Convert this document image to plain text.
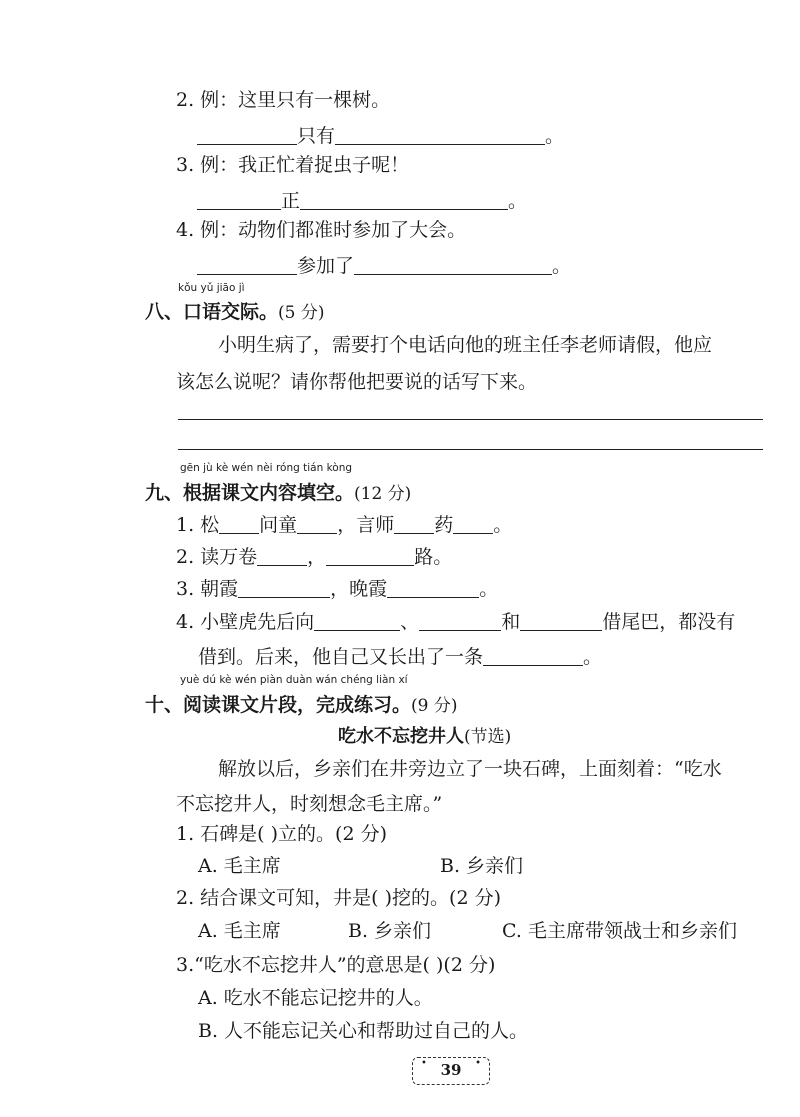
2. 例：这里只有一棵树。
只有	。
3. 例：我正忙着捉虫子呢！
正	。
4. 例：动物们都准时参加了大会。
参加了	。
kǒu yǔ jiāo jì
八、口语交际。(5 分)
小明生病了，需要打个电话向他的班主任李老师请假，他应
该怎么说呢？请你帮他把要说的话写下来。
gēn jù kè wén nèi róng tián kòng
九、根据课文内容填空。(12 分)
1. 松 问童 ，言师 药 。
2. 读万卷	，	路。
3. 朝霞	，晚霞	。
4. 小壁虎先后向	、	和	借尾巴，都没有
借到。后来，他自己又长出了一条	。
yuè dú kè wén piàn duàn wán chéng liàn xí
十、阅读课文片段，完成练习。(9 分)
吃水不忘挖井人(节选)
解放以后，乡亲们在井旁边立了一块石碑，上面刻着：“吃水
不忘挖井人，时刻想念毛主席。”
1. 石碑是( )立的。(2 分)
A. 毛主席	B. 乡亲们
2. 结合课文可知，井是( )挖的。(2 分)
A. 毛主席	B. 乡亲们	C. 毛主席带领战士和乡亲们
3.“吃水不忘挖井人”的意思是( )(2 分)
A. 吃水不能忘记挖井的人。
B. 人不能忘记关心和帮助过自己的人。
• 39	•
